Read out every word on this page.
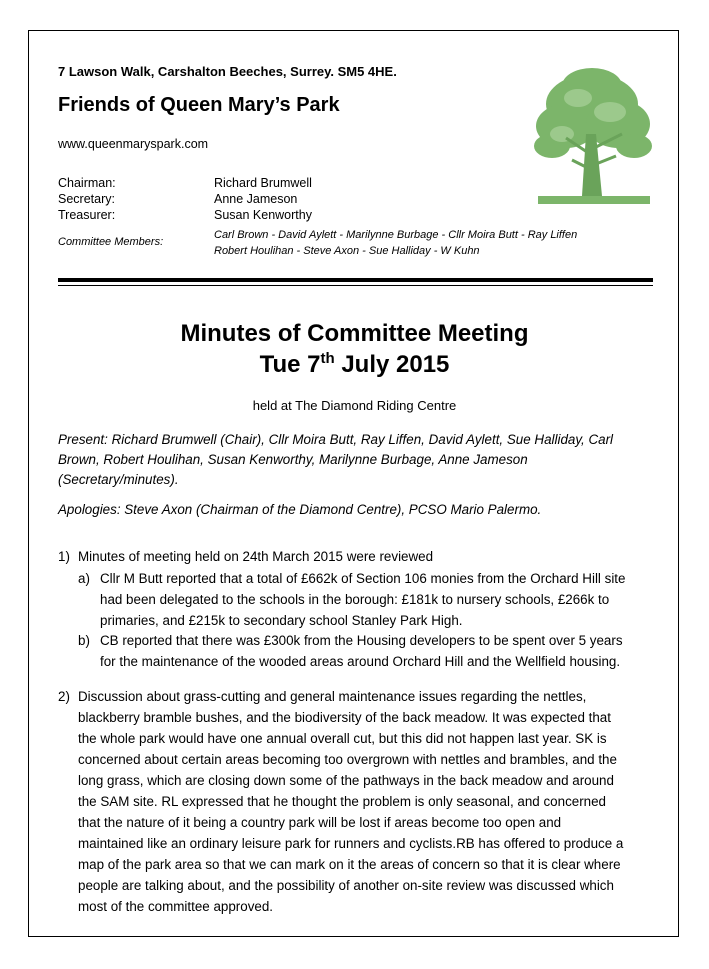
7 Lawson Walk, Carshalton Beeches, Surrey. SM5 4HE.
Friends of Queen Mary’s Park
www.queenmaryspark.com
Chairman:	Richard Brumwell
Secretary:	Anne Jameson
Treasurer:	Susan Kenworthy
Committee Members:
Carl Brown - David Aylett - Marilynne Burbage - Cllr Moira Butt - Ray Liffen
Robert Houlihan - Steve Axon - Sue Halliday - W Kuhn
Minutes of Committee Meeting
Tue 7th July 2015
held at The Diamond Riding Centre
Present: Richard Brumwell (Chair), Cllr Moira Butt, Ray Liffen, David Aylett, Sue Halliday, Carl
Brown, Robert Houlihan, Susan Kenworthy, Marilynne Burbage, Anne Jameson
(Secretary/minutes).
Apologies: Steve Axon (Chairman of the Diamond Centre), PCSO Mario Palermo.
1) Minutes of meeting held on 24th March 2015 were reviewed
a) Cllr M Butt reported that a total of £662k of Section 106 monies from the Orchard Hill site
had been delegated to the schools in the borough: £181k to nursery schools, £266k to
primaries, and £215k to secondary school Stanley Park High.
b) CB reported that there was £300k from the Housing developers to be spent over 5 years
for the maintenance of the wooded areas around Orchard Hill and the Wellfield housing.
2) Discussion about grass-cutting and general maintenance issues regarding the nettles,
blackberry bramble bushes, and the biodiversity of the back meadow. It was expected that
the whole park would have one annual overall cut, but this did not happen last year. SK is
concerned about certain areas becoming too overgrown with nettles and brambles, and the
long grass, which are closing down some of the pathways in the back meadow and around
the SAM site. RL expressed that he thought the problem is only seasonal, and concerned
that the nature of it being a country park will be lost if areas become too open and
maintained like an ordinary leisure park for runners and cyclists.RB has offered to produce a
map of the park area so that we can mark on it the areas of concern so that it is clear where
people are talking about, and the possibility of another on-site review was discussed which
most of the committee approved.
